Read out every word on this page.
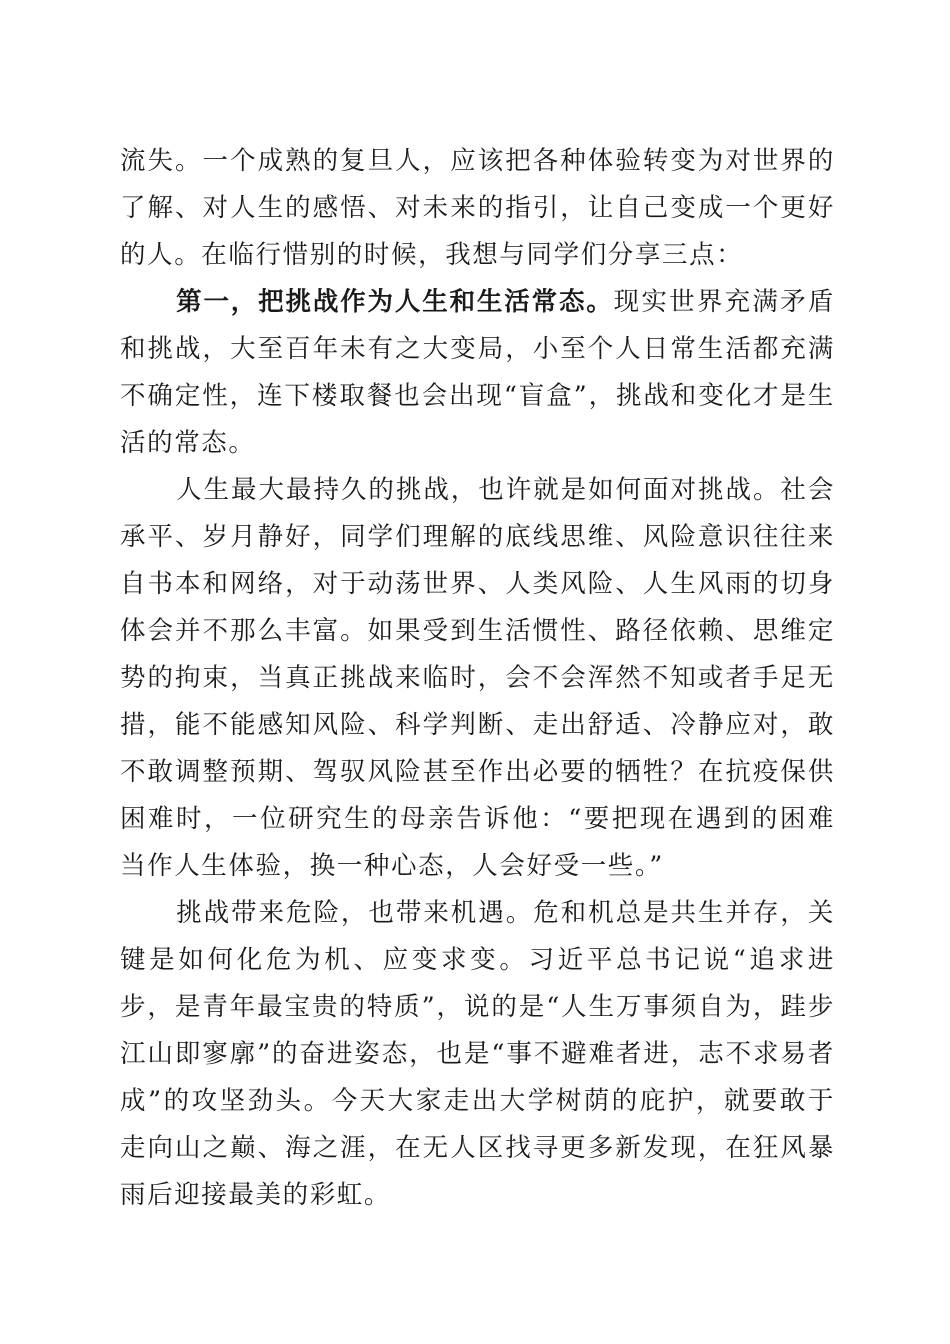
流失。一个成熟的复旦人，应该把各种体验转变为对世界的了解、对人生的感悟、对未来的指引，让自己变成一个更好的人。在临行惜别的时候，我想与同学们分享三点：

第一，把挑战作为人生和生活常态。现实世界充满矛盾和挑战，大至百年未有之大变局，小至个人日常生活都充满不确定性，连下楼取餐也会出现“盲盒”，挑战和变化才是生活的常态。

人生最大最持久的挑战，也许就是如何面对挑战。社会承平、岁月静好，同学们理解的底线思维、风险意识往往来自书本和网络，对于动荡世界、人类风险、人生风雨的切身体会并不那么丰富。如果受到生活惯性、路径依赖、思维定势的拘束，当真正挑战来临时，会不会浑然不知或者手足无措，能不能感知风险、科学判断、走出舒适、冷静应对，敢不敢调整预期、驾驭风险甚至作出必要的牺牲？在抗疫保供困难时，一位研究生的母亲告诉他：“要把现在遇到的困难当作人生体验，换一种心态，人会好受一些。”

挑战带来危险，也带来机遇。危和机总是共生并存，关键是如何化危为机、应变求变。习近平总书记说“追求进步，是青年最宝贵的特质”，说的是“人生万事须自为，跬步江山即寥廓”的奋进姿态，也是“事不避难者进，志不求易者成”的攻坚劲头。今天大家走出大学树荫的庇护，就要敢于走向山之巅、海之涯，在无人区找寻更多新发现，在狂风暴雨后迎接最美的彩虹。
